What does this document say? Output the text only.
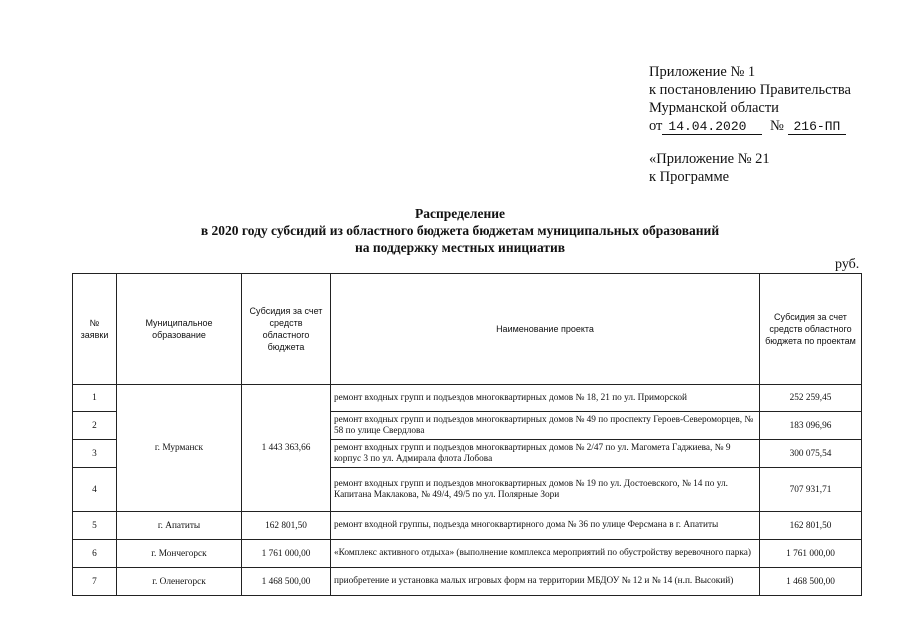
Приложение № 1
к постановлению Правительства
Мурманской области
от 14.04.2020 № 216-ПП
«Приложение № 21
к Программе
Распределение
в 2020 году субсидий из областного бюджета бюджетам муниципальных образований
на поддержку местных инициатив
руб.
№ заявки	Муниципальное образование	Субсидия за счет средств областного бюджета	Наименование проекта	Субсидия за счет средств областного бюджета по проектам
1	г. Мурманск	1 443 363,66	ремонт входных групп и подъездов многоквартирных домов № 18, 21 по ул. Приморской	252 259,45
2			ремонт входных групп и подъездов многоквартирных домов № 49 по проспекту Героев-Североморцев, № 58 по улице Свердлова	183 096,96
3			ремонт входных групп и подъездов многоквартирных домов № 2/47 по ул. Магомета Гаджиева, № 9 корпус 3 по ул. Адмирала флота Лобова	300 075,54
4			ремонт входных групп и подъездов многоквартирных домов № 19 по ул. Достоевского, № 14 по ул. Капитана Маклакова, № 49/4, 49/5 по ул. Полярные Зори	707 931,71
5	г. Апатиты	162 801,50	ремонт входной группы, подъезда многоквартирного дома № 36 по улице Ферсмана в г. Апатиты	162 801,50
6	г. Мончегорск	1 761 000,00	«Комплекс активного отдыха» (выполнение комплекса мероприятий по обустройству веревочного парка)	1 761 000,00
7	г. Оленегорск	1 468 500,00	приобретение и установка малых игровых форм на территории МБДОУ № 12 и № 14 (н.п. Высокий)	1 468 500,00
